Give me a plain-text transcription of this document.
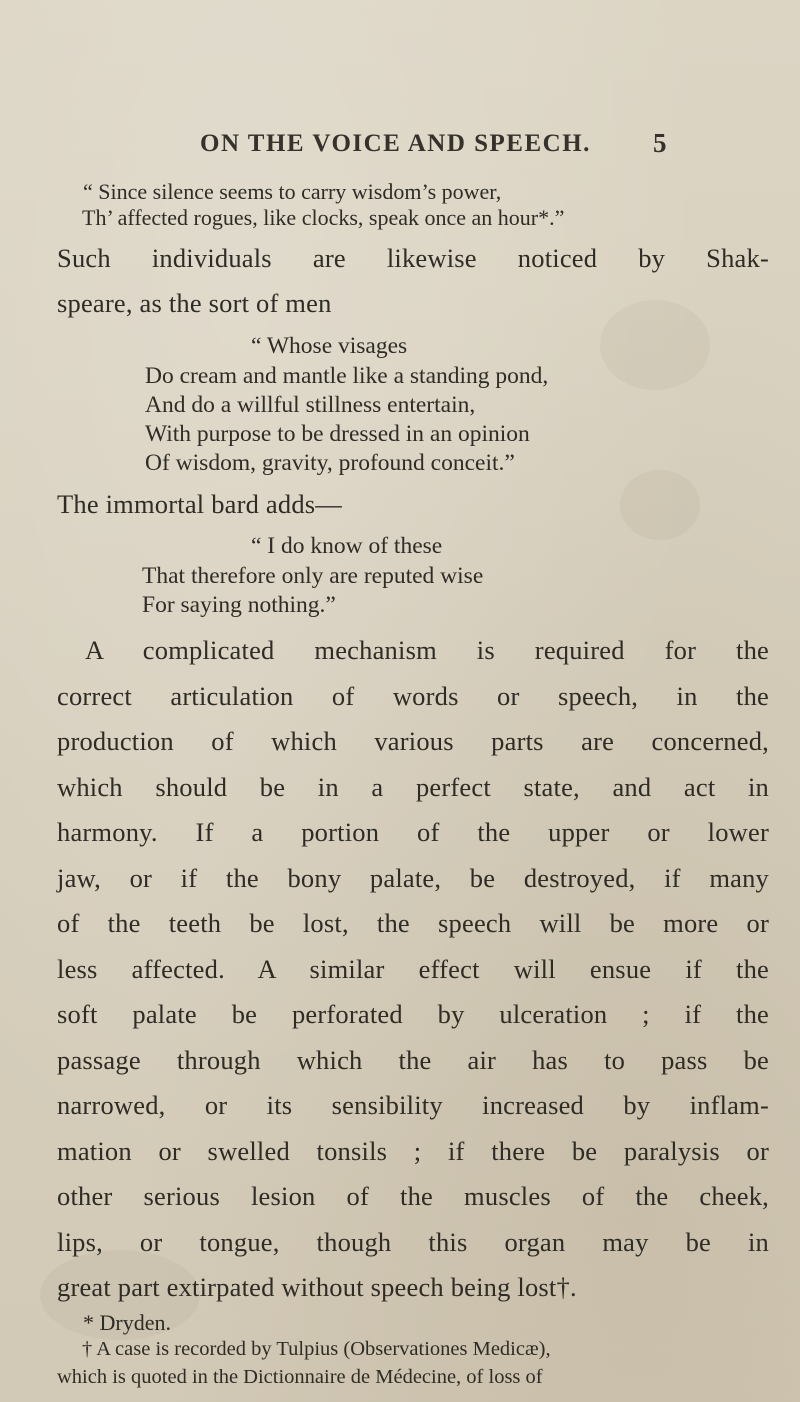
ON THE VOICE AND SPEECH. 5
“ Since silence seems to carry wisdom’s power,
Th’ affected rogues, like clocks, speak once an hour*.”
Such individuals are likewise noticed by Shak-
speare, as the sort of men
“ Whose visages
Do cream and mantle like a standing pond,
And do a willful stillness entertain,
With purpose to be dressed in an opinion
Of wisdom, gravity, profound conceit.”
The immortal bard adds—
“ I do know of these
That therefore only are reputed wise
For saying nothing.”
A complicated mechanism is required for the
correct articulation of words or speech, in the
production of which various parts are concerned,
which should be in a perfect state, and act in
harmony. If a portion of the upper or lower
jaw, or if the bony palate, be destroyed, if many
of the teeth be lost, the speech will be more or
less affected. A similar effect will ensue if the
soft palate be perforated by ulceration ; if the
passage through which the air has to pass be
narrowed, or its sensibility increased by inflam-
mation or swelled tonsils ; if there be paralysis or
other serious lesion of the muscles of the cheek,
lips, or tongue, though this organ may be in
great part extirpated without speech being lost†.
* Dryden.
† A case is recorded by Tulpius (Observationes Medicæ),
which is quoted in the Dictionnaire de Médecine, of loss of
